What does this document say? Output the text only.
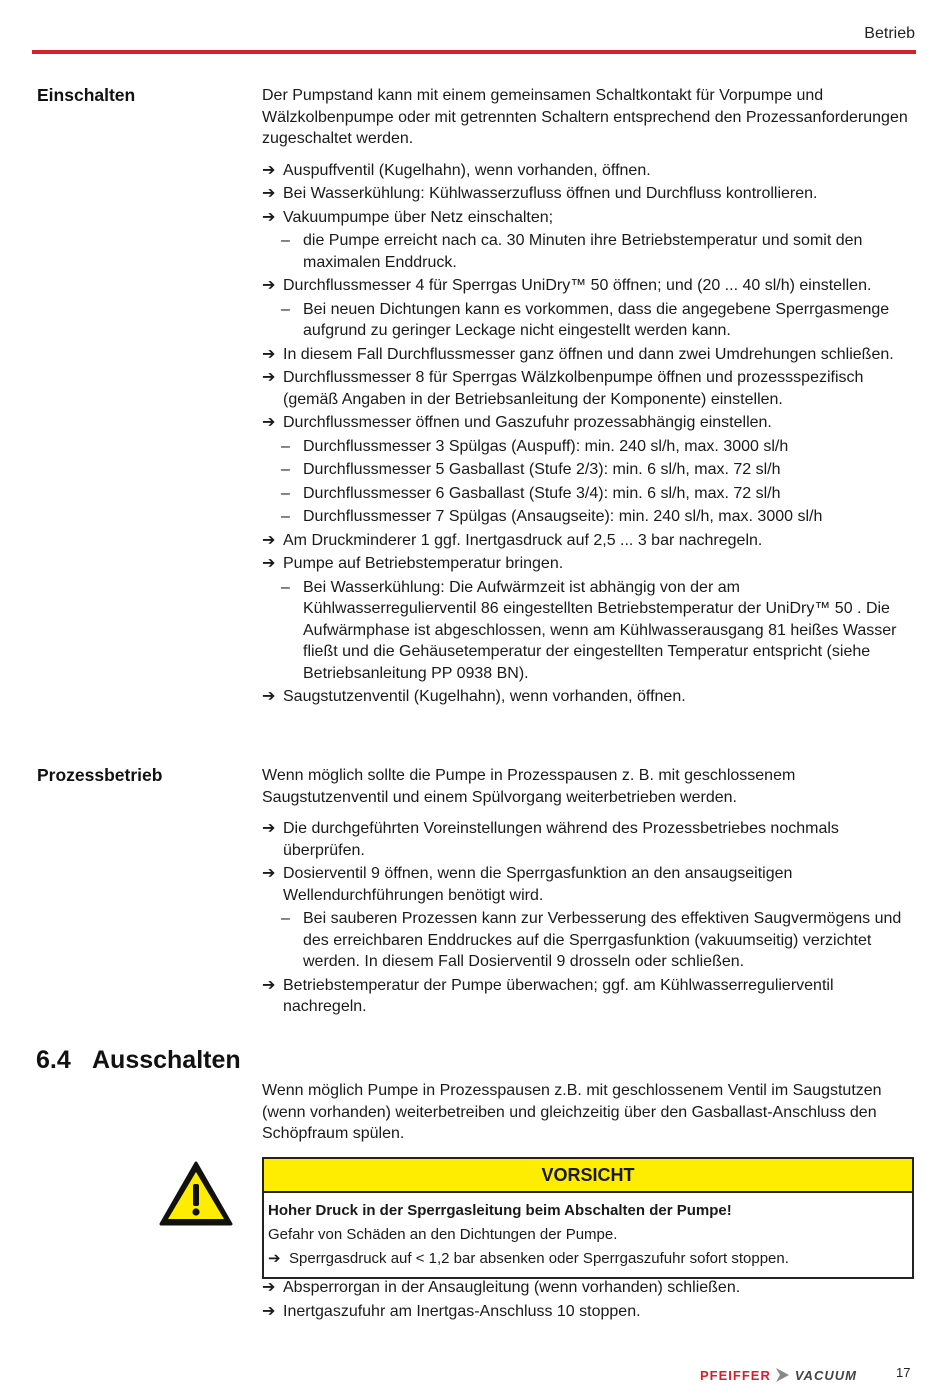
Betrieb
Einschalten	Der Pumpstand kann mit einem gemeinsamen Schaltkontakt für Vorpumpe und Wälzkolbenpumpe oder mit getrennten Schaltern entsprechend den Prozessanforderungen zugeschaltet werden.

➔ Auspuffventil (Kugelhahn), wenn vorhanden, öffnen.
➔ Bei Wasserkühlung: Kühlwasserzufluss öffnen und Durchfluss kontrollieren.
➔ Vakuumpumpe über Netz einschalten;
– die Pumpe erreicht nach ca. 30 Minuten ihre Betriebstemperatur und somit den maximalen Enddruck.
➔ Durchflussmesser 4 für Sperrgas UniDry™ 50 öffnen; und (20 ... 40 sl/h) einstellen.
– Bei neuen Dichtungen kann es vorkommen, dass die angegebene Sperrgasmenge aufgrund zu geringer Leckage nicht eingestellt werden kann.
➔ In diesem Fall Durchflussmesser ganz öffnen und dann zwei Umdrehungen schließen.
➔ Durchflussmesser 8 für Sperrgas Wälzkolbenpumpe öffnen und prozessspezifisch (gemäß Angaben in der Betriebsanleitung der Komponente) einstellen.
➔ Durchflussmesser öffnen und Gaszufuhr prozessabhängig einstellen.
– Durchflussmesser 3 Spülgas (Auspuff): min. 240 sl/h, max. 3000 sl/h
– Durchflussmesser 5 Gasballast (Stufe 2/3): min. 6 sl/h, max. 72 sl/h
– Durchflussmesser 6 Gasballast (Stufe 3/4): min. 6 sl/h, max. 72 sl/h
– Durchflussmesser 7 Spülgas (Ansaugseite): min. 240 sl/h, max. 3000 sl/h
➔ Am Druckminderer 1 ggf. Inertgasdruck auf 2,5 ... 3 bar nachregeln.
➔ Pumpe auf Betriebstemperatur bringen.
– Bei Wasserkühlung: Die Aufwärmzeit ist abhängig von der am Kühlwasserregulierventil 86 eingestellten Betriebstemperatur der UniDry™ 50 . Die Aufwärmphase ist abgeschlossen, wenn am Kühlwasserausgang 81 heißes Wasser fließt und die Gehäusetemperatur der eingestellten Temperatur entspricht (siehe Betriebsanleitung PP 0938 BN).
➔ Saugstutzenventil (Kugelhahn), wenn vorhanden, öffnen.
Prozessbetrieb	Wenn möglich sollte die Pumpe in Prozesspausen z. B. mit geschlossenem Saugstutzenventil und einem Spülvorgang weiterbetrieben werden.

➔ Die durchgeführten Voreinstellungen während des Prozessbetriebes nochmals überprüfen.
➔ Dosierventil 9 öffnen, wenn die Sperrgasfunktion an den ansaugseitigen Wellendurchführungen benötigt wird.
– Bei sauberen Prozessen kann zur Verbesserung des effektiven Saugvermögens und des erreichbaren Enddruckes auf die Sperrgasfunktion (vakuumseitig) verzichtet werden. In diesem Fall Dosierventil 9 drosseln oder schließen.
➔ Betriebstemperatur der Pumpe überwachen; ggf. am Kühlwasserregulierventil nachregeln.
6.4 Ausschalten

Wenn möglich Pumpe in Prozesspausen z.B. mit geschlossenem Ventil im Saugstutzen (wenn vorhanden) weiterbetreiben und gleichzeitig über den Gasballast-Anschluss den Schöpfraum spülen.

VORSICHT
Hoher Druck in der Sperrgasleitung beim Abschalten der Pumpe!
Gefahr von Schäden an den Dichtungen der Pumpe.
➔ Sperrgasdruck auf < 1,2 bar absenken oder Sperrgaszufuhr sofort stoppen.
➔ Absperrorgan in der Ansaugleitung (wenn vorhanden) schließen.
➔ Inertgaszufuhr am Inertgas-Anschluss 10 stoppen.
PFEIFFER VACUUM	17
